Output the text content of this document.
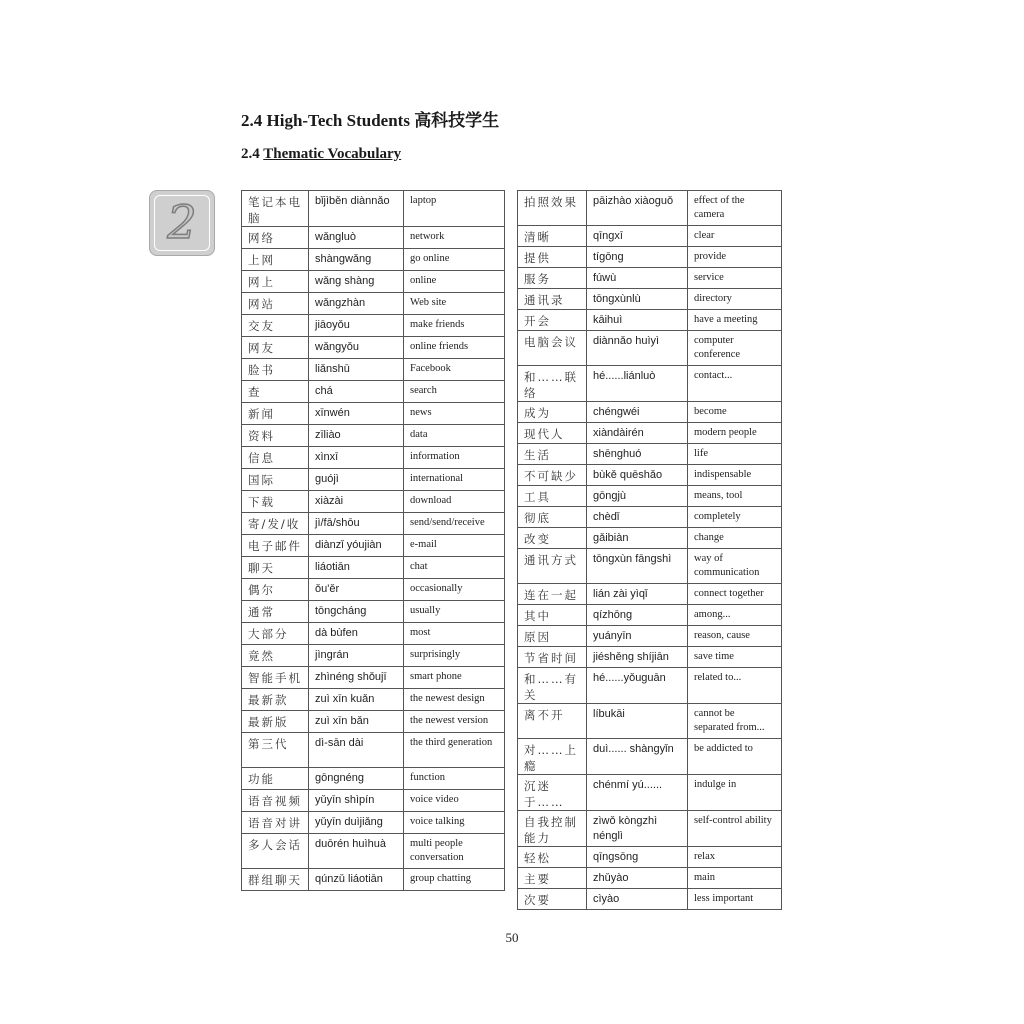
2.4 High-Tech Students 高科技学生
2.4 Thematic Vocabulary
2	笔记本电脑	bǐjìběn diànnǎo	laptop
网络	wǎngluò	network
上网	shàngwǎng	go online
网上	wǎng shàng	online
网站	wǎngzhàn	Web site
交友	jiāoyǒu	make friends
网友	wǎngyǒu	online friends
脸书	liǎnshū	Facebook
查	chá	search
新闻	xīnwén	news
资料	zīliào	data
信息	xìnxī	information
国际	guójì	international
下载	xiàzài	download
寄/发/收	jì/fā/shōu	send/send/receive
电子邮件	diànzǐ yóujiàn	e-mail
聊天	liáotiān	chat
偶尔	ǒu'ěr	occasionally
通常	tōngcháng	usually
大部分	dà bùfen	most
竟然	jìngrán	surprisingly
智能手机	zhìnéng shǒujī	smart phone
最新款	zuì xīn kuǎn	the newest design
最新版	zuì xīn bǎn	the newest version
第三代	dì-sān dài	the third generation
功能	gōngnéng	function
语音视频	yǔyīn shìpín	voice video
语音对讲	yǔyīn duìjiǎng	voice talking
多人会话	duōrén huìhuà	multi people conversation
群组聊天	qúnzǔ liáotiān	group chatting
拍照效果	pāizhào xiàoguǒ	effect of the camera
清晰	qīngxī	clear
提供	tígōng	provide
服务	fúwù	service
通讯录	tōngxùnlù	directory
开会	kāihuì	have a meeting
电脑会议	diànnǎo huìyì	computer conference
和……联络	hé......liánluò	contact...
成为	chéngwéi	become
现代人	xiàndàirén	modern people
生活	shēnghuó	life
不可缺少	bùkě quēshǎo	indispensable
工具	gōngjù	means, tool
彻底	chèdǐ	completely
改变	gǎibiàn	change
通讯方式	tōngxùn fāngshì	way of communication
连在一起	lián zài yìqǐ	connect together
其中	qízhōng	among...
原因	yuányīn	reason, cause
节省时间	jiéshěng shíjiān	save time
和……有关	hé......yǒuguān	related to...
离不开	líbukāi	cannot be separated from...
对……上瘾	duì...... shàngyǐn	be addicted to
沉迷于……	chénmí yú......	indulge in
自我控制能力	zìwǒ kòngzhì nénglì	self-control ability
轻松	qīngsōng	relax
主要	zhǔyào	main
次要	cìyào	less important
50
